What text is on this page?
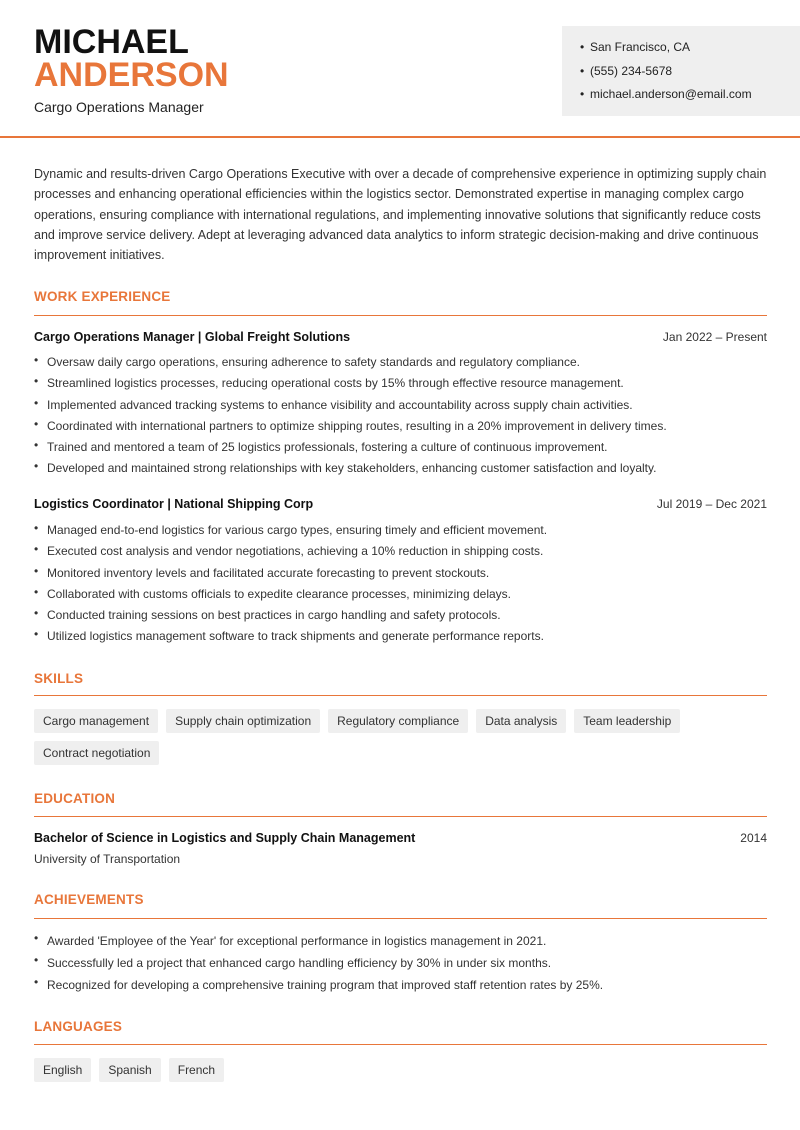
MICHAEL
ANDERSON
Cargo Operations Manager
• San Francisco, CA
• (555) 234-5678
• michael.anderson@email.com
Dynamic and results-driven Cargo Operations Executive with over a decade of comprehensive experience in optimizing supply chain processes and enhancing operational efficiencies within the logistics sector. Demonstrated expertise in managing complex cargo operations, ensuring compliance with international regulations, and implementing innovative solutions that significantly reduce costs and improve service delivery. Adept at leveraging advanced data analytics to inform strategic decision-making and drive continuous improvement initiatives.
WORK EXPERIENCE
Cargo Operations Manager | Global Freight Solutions	Jan 2022 – Present
• Oversaw daily cargo operations, ensuring adherence to safety standards and regulatory compliance.
• Streamlined logistics processes, reducing operational costs by 15% through effective resource management.
• Implemented advanced tracking systems to enhance visibility and accountability across supply chain activities.
• Coordinated with international partners to optimize shipping routes, resulting in a 20% improvement in delivery times.
• Trained and mentored a team of 25 logistics professionals, fostering a culture of continuous improvement.
• Developed and maintained strong relationships with key stakeholders, enhancing customer satisfaction and loyalty.
Logistics Coordinator | National Shipping Corp	Jul 2019 – Dec 2021
• Managed end-to-end logistics for various cargo types, ensuring timely and efficient movement.
• Executed cost analysis and vendor negotiations, achieving a 10% reduction in shipping costs.
• Monitored inventory levels and facilitated accurate forecasting to prevent stockouts.
• Collaborated with customs officials to expedite clearance processes, minimizing delays.
• Conducted training sessions on best practices in cargo handling and safety protocols.
• Utilized logistics management software to track shipments and generate performance reports.
SKILLS
Cargo management	Supply chain optimization	Regulatory compliance	Data analysis	Team leadership
Contract negotiation
EDUCATION
Bachelor of Science in Logistics and Supply Chain Management	2014
University of Transportation
ACHIEVEMENTS
• Awarded 'Employee of the Year' for exceptional performance in logistics management in 2021.
• Successfully led a project that enhanced cargo handling efficiency by 30% in under six months.
• Recognized for developing a comprehensive training program that improved staff retention rates by 25%.
LANGUAGES
English	Spanish	French
